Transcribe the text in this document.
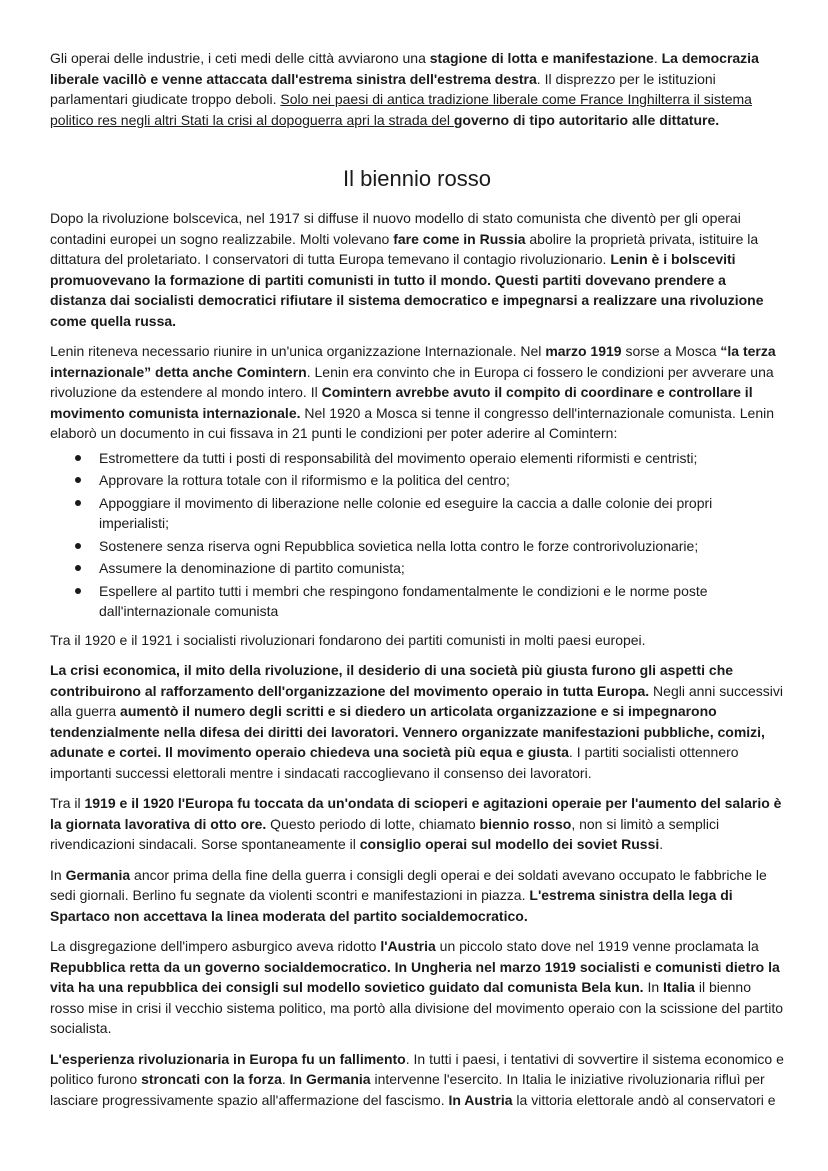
Gli operai delle industrie, i ceti medi delle città avviarono una stagione di lotta e manifestazione. La democrazia liberale vacillò e venne attaccata dall'estrema sinistra dell'estrema destra. Il disprezzo per le istituzioni parlamentari giudicate troppo deboli. Solo nei paesi di antica tradizione liberale come France Inghilterra il sistema politico res negli altri Stati la crisi al dopoguerra apri la strada del governo di tipo autoritario alle dittature.

Il biennio rosso

Dopo la rivoluzione bolscevica, nel 1917 si diffuse il nuovo modello di stato comunista che diventò per gli operai contadini europei un sogno realizzabile. Molti volevano fare come in Russia abolire la proprietà privata, istituire la dittatura del proletariato. I conservatori di tutta Europa temevano il contagio rivoluzionario. Lenin è i bolsceviti promuovevano la formazione di partiti comunisti in tutto il mondo. Questi partiti dovevano prendere a distanza dai socialisti democratici rifiutare il sistema democratico e impegnarsi a realizzare una rivoluzione come quella russa.

Lenin riteneva necessario riunire in un'unica organizzazione Internazionale. Nel marzo 1919 sorse a Mosca “la terza internazionale” detta anche Comintern. Lenin era convinto che in Europa ci fossero le condizioni per avverare una rivoluzione da estendere al mondo intero. Il Comintern avrebbe avuto il compito di coordinare e controllare il movimento comunista internazionale. Nel 1920 a Mosca si tenne il congresso dell'internazionale comunista. Lenin elaborò un documento in cui fissava in 21 punti le condizioni per poter aderire al Comintern:

Estromettere da tutti i posti di responsabilità del movimento operaio elementi riformisti e centristi;
Approvare la rottura totale con il riformismo e la politica del centro;
Appoggiare il movimento di liberazione nelle colonie ed eseguire la caccia a dalle colonie dei propri imperialisti;
Sostenere senza riserva ogni Repubblica sovietica nella lotta contro le forze controrivoluzionarie;
Assumere la denominazione di partito comunista;
Espellere al partito tutti i membri che respingono fondamentalmente le condizioni e le norme poste dall'internazionale comunista

Tra il 1920 e il 1921 i socialisti rivoluzionari fondarono dei partiti comunisti in molti paesi europei.

La crisi economica, il mito della rivoluzione, il desiderio di una società più giusta furono gli aspetti che contribuirono al rafforzamento dell'organizzazione del movimento operaio in tutta Europa. Negli anni successivi alla guerra aumentò il numero degli scritti e si diedero un articolata organizzazione e si impegnarono tendenzialmente nella difesa dei diritti dei lavoratori. Vennero organizzate manifestazioni pubbliche, comizi, adunate e cortei. Il movimento operaio chiedeva una società più equa e giusta. I partiti socialisti ottennero importanti successi elettorali mentre i sindacati raccoglievano il consenso dei lavoratori.

Tra il 1919 e il 1920 l'Europa fu toccata da un'ondata di scioperi e agitazioni operaie per l'aumento del salario è la giornata lavorativa di otto ore. Questo periodo di lotte, chiamato biennio rosso, non si limitò a semplici rivendicazioni sindacali. Sorse spontaneamente il consiglio operai sul modello dei soviet Russi.

In Germania ancor prima della fine della guerra i consigli degli operai e dei soldati avevano occupato le fabbriche le sedi giornali. Berlino fu segnate da violenti scontri e manifestazioni in piazza. L'estrema sinistra della lega di Spartaco non accettava la linea moderata del partito socialdemocratico.

La disgregazione dell'impero asburgico aveva ridotto l'Austria un piccolo stato dove nel 1919 venne proclamata la Repubblica retta da un governo socialdemocratico. In Ungheria nel marzo 1919 socialisti e comunisti dietro la vita ha una repubblica dei consigli sul modello sovietico guidato dal comunista Bela kun. In Italia il bienno rosso mise in crisi il vecchio sistema politico, ma portò alla divisione del movimento operaio con la scissione del partito socialista.

L'esperienza rivoluzionaria in Europa fu un fallimento. In tutti i paesi, i tentativi di sovvertire il sistema economico e politico furono stroncati con la forza. In Germania intervenne l'esercito. In Italia le iniziative rivoluzionaria rifluì per lasciare progressivamente spazio all'affermazione del fascismo. In Austria la vittoria elettorale andò al conservatori e
